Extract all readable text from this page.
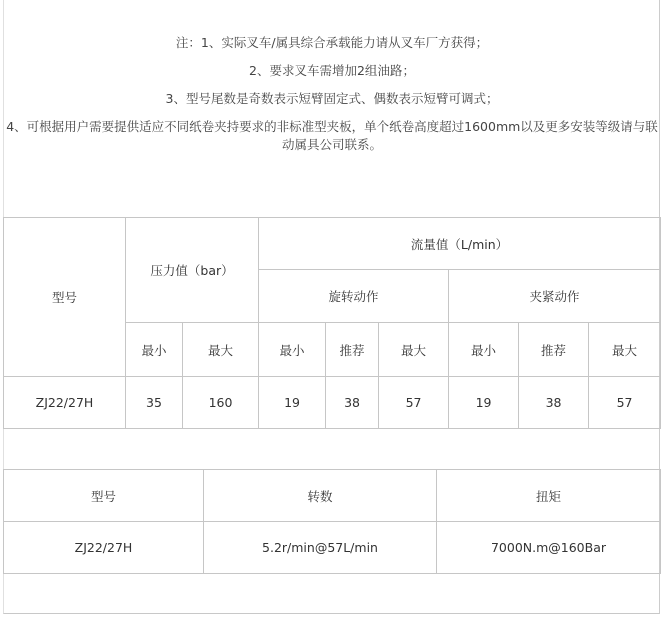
注：1、实际叉车/属具综合承载能力请从叉车厂方获得；

2、要求叉车需增加2组油路；

3、型号尾数是奇数表示短臂固定式、偶数表示短臂可调式；

4、可根据用户需要提供适应不同纸卷夹持要求的非标准型夹板，单个纸卷高度超过1600mm以及更多安装等级请与联动属具公司联系。

型号	压力值（bar）		流量值（L/min）					
			旋转动作			夹紧动作		
	最小	最大	最小	推荐	最大	最小	推荐	最大
ZJ22/27H	35	160	19	38	57	19	38	57
型号	转数	扭矩
ZJ22/27H	5.2r/min@57L/min	7000N.m@160Bar
